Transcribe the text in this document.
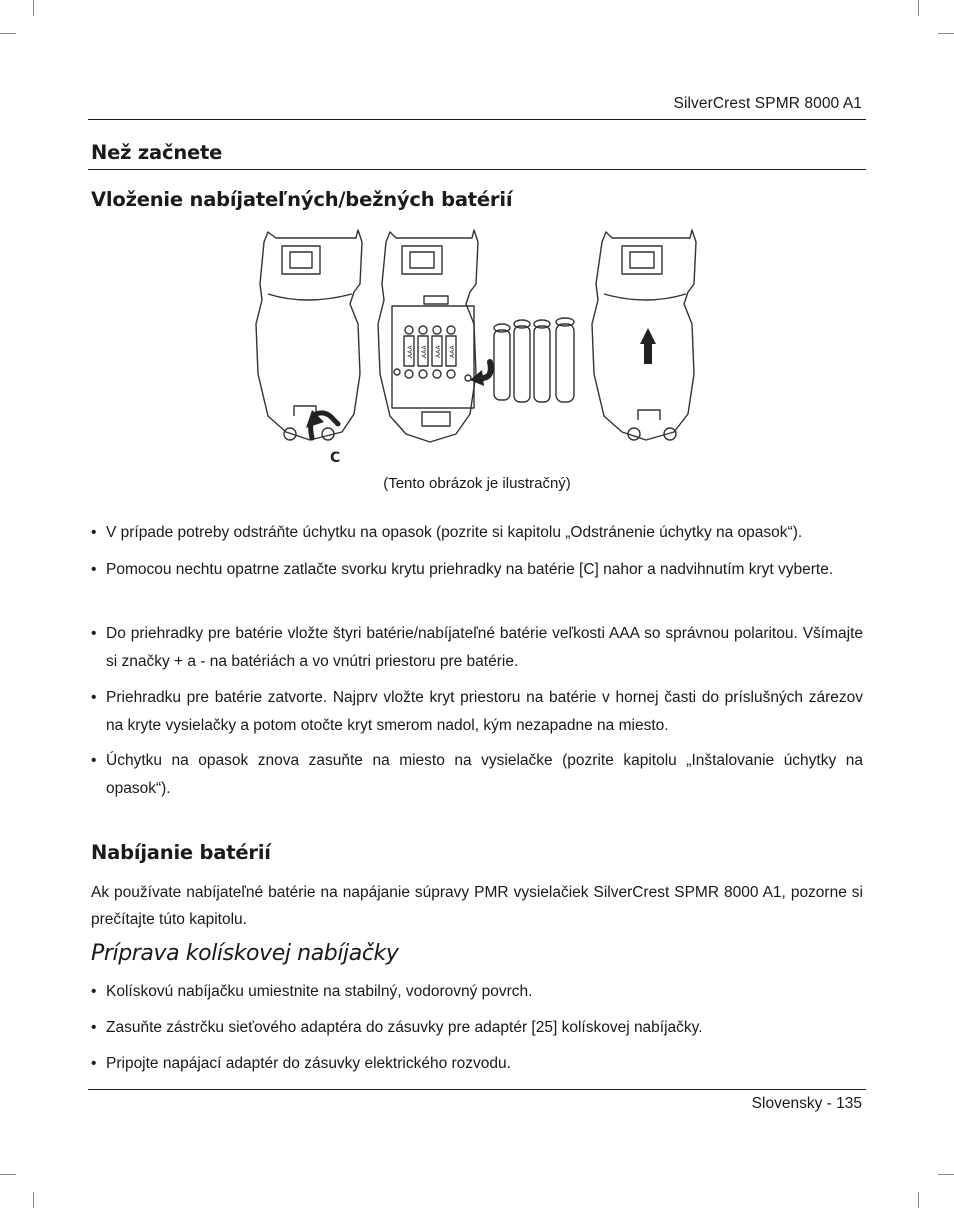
SilverCrest SPMR 8000 A1
Než začnete
Vloženie nabíjateľných/bežných batérií
AAA AAA AAA AAA
C
(Tento obrázok je ilustračný)
• V prípade potreby odstráňte úchytku na opasok (pozrite si kapitolu „Odstránenie úchytky na opasok“).
• Pomocou nechtu opatrne zatlačte svorku krytu priehradky na batérie [C] nahor a nadvihnutím kryt vyberte.
• Do priehradky pre batérie vložte štyri batérie/nabíjateľné batérie veľkosti AAA so správnou polaritou. Všímajte si značky + a - na batériách a vo vnútri priestoru pre batérie.
• Priehradku pre batérie zatvorte. Najprv vložte kryt priestoru na batérie v hornej časti do príslušných zárezov na kryte vysielačky a potom otočte kryt smerom nadol, kým nezapadne na miesto.
• Úchytku na opasok znova zasuňte na miesto na vysielačke (pozrite kapitolu „Inštalovanie úchytky na opasok“).
Nabíjanie batérií
Ak používate nabíjateľné batérie na napájanie súpravy PMR vysielačiek SilverCrest SPMR 8000 A1, pozorne si prečítajte túto kapitolu.
Príprava kolískovej nabíjačky
• Kolískovú nabíjačku umiestnite na stabilný, vodorovný povrch.
• Zasuňte zástrčku sieťového adaptéra do zásuvky pre adaptér [25] kolískovej nabíjačky.
• Pripojte napájací adaptér do zásuvky elektrického rozvodu.
Slovensky - 135
